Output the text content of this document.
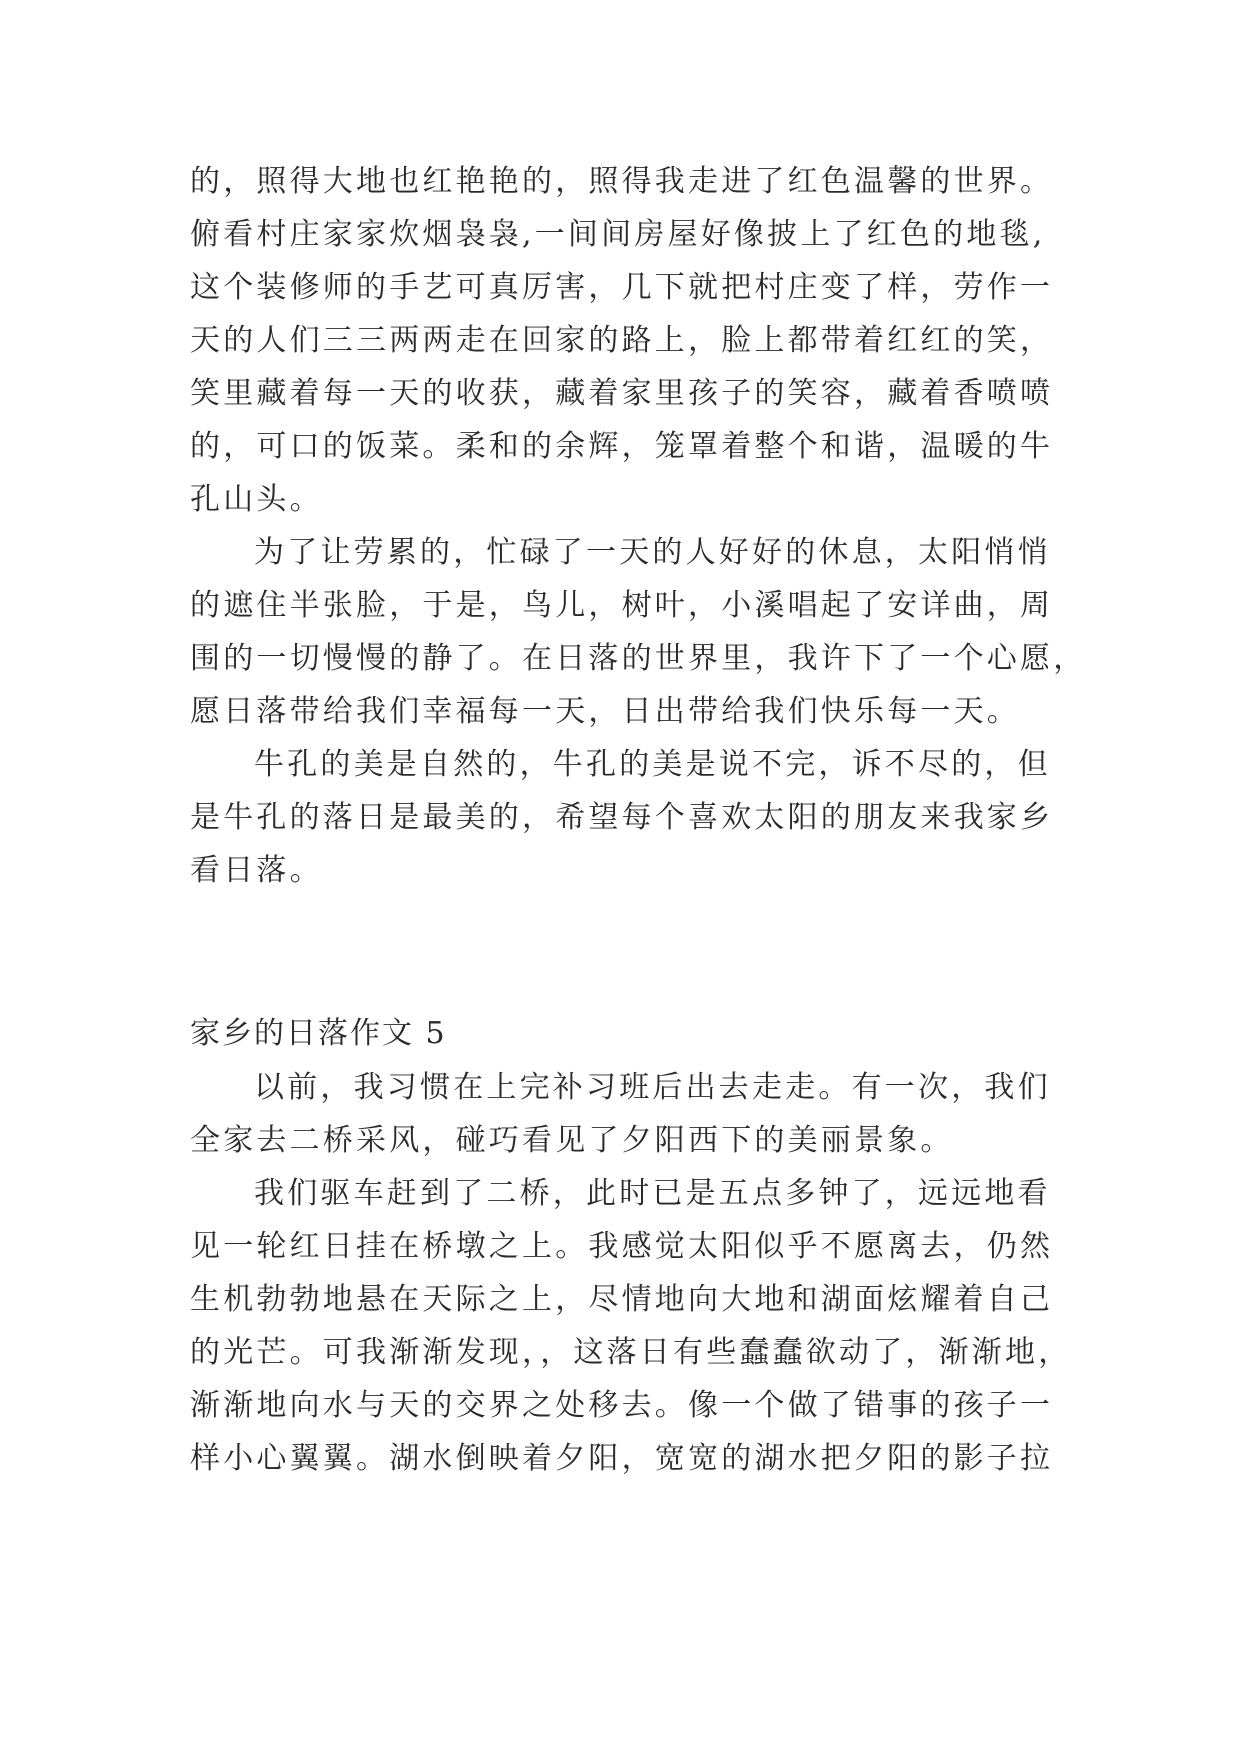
的，照得大地也红艳艳的，照得我走进了红色温馨的世界。

俯看村庄家家炊烟袅袅,一间间房屋好像披上了红色的地毯,

这个装修师的手艺可真厉害，几下就把村庄变了样，劳作一

天的人们三三两两走在回家的路上，脸上都带着红红的笑，

笑里藏着每一天的收获，藏着家里孩子的笑容，藏着香喷喷

的，可口的饭菜。柔和的余辉，笼罩着整个和谐，温暖的牛

孔山头。

为了让劳累的，忙碌了一天的人好好的休息，太阳悄悄

的遮住半张脸，于是，鸟儿，树叶，小溪唱起了安详曲，周

围的一切慢慢的静了。在日落的世界里，我许下了一个心愿，

愿日落带给我们幸福每一天，日出带给我们快乐每一天。

牛孔的美是自然的，牛孔的美是说不完，诉不尽的，但

是牛孔的落日是最美的，希望每个喜欢太阳的朋友来我家乡

看日落。

家乡的日落作文 5

以前，我习惯在上完补习班后出去走走。有一次，我们

全家去二桥采风，碰巧看见了夕阳西下的美丽景象。

我们驱车赶到了二桥，此时已是五点多钟了，远远地看

见一轮红日挂在桥墩之上。我感觉太阳似乎不愿离去，仍然

生机勃勃地悬在天际之上，尽情地向大地和湖面炫耀着自己

的光芒。可我渐渐发现，，这落日有些蠢蠢欲动了，渐渐地，

渐渐地向水与天的交界之处移去。像一个做了错事的孩子一

样小心翼翼。湖水倒映着夕阳，宽宽的湖水把夕阳的影子拉
